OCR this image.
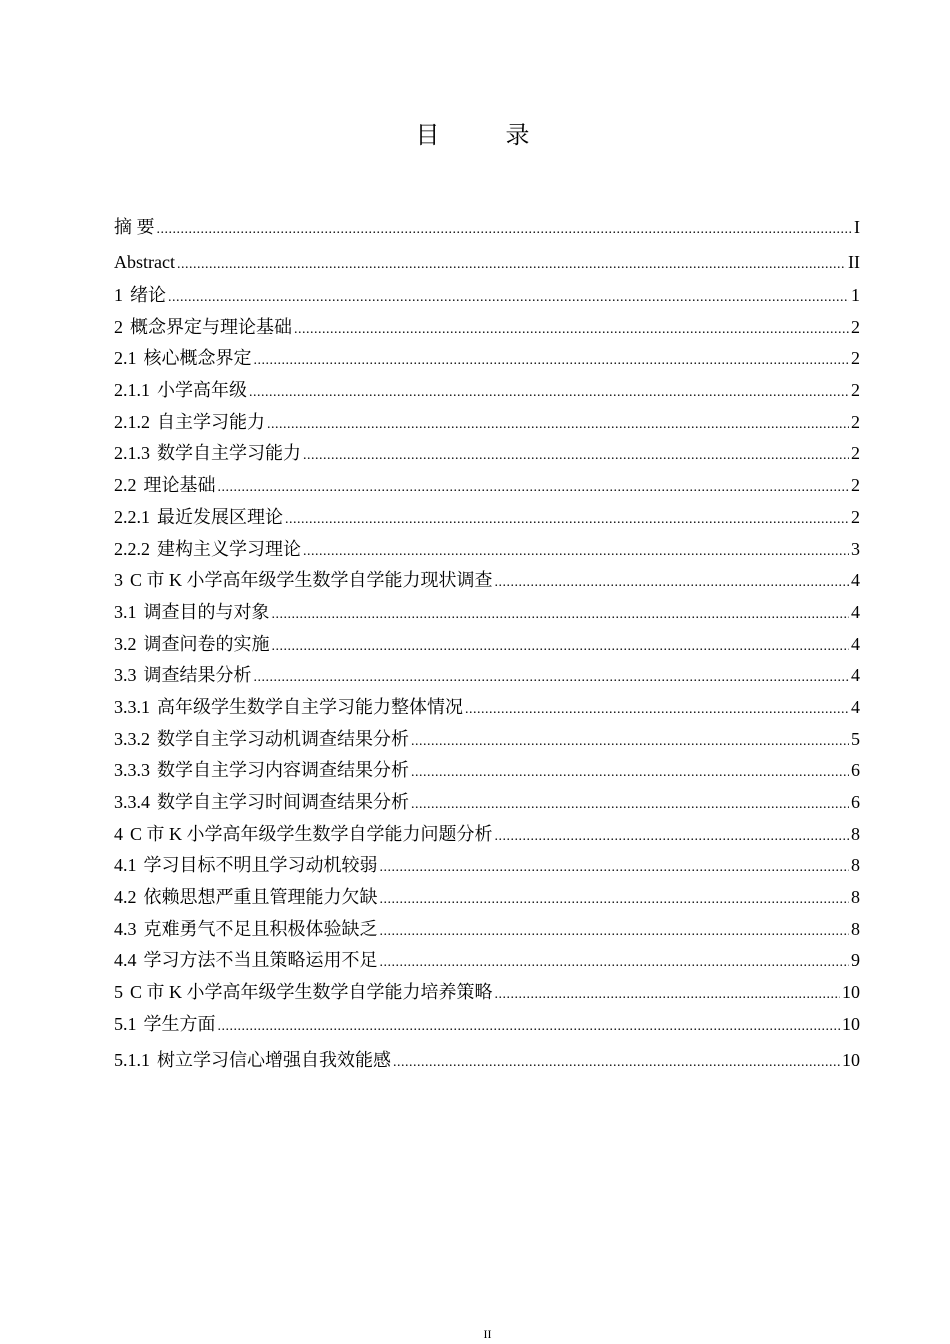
目 录
摘 要 .....	I
Abstract .....	II
1 绪论 .....	1
2 概念界定与理论基础 .....	2
2.1 核心概念界定 .....	2
2.1.1 小学高年级 .....	2
2.1.2 自主学习能力 .....	2
2.1.3 数学自主学习能力 .....	2
2.2 理论基础 .....	2
2.2.1 最近发展区理论 .....	2
2.2.2 建构主义学习理论 .....	3
3 C 市 K 小学高年级学生数学自学能力现状调查 .....	4
3.1 调查目的与对象 .....	4
3.2 调查问卷的实施 .....	4
3.3 调查结果分析 .....	4
3.3.1 高年级学生数学自主学习能力整体情况 .....	4
3.3.2 数学自主学习动机调查结果分析 .....	5
3.3.3 数学自主学习内容调查结果分析 .....	6
3.3.4 数学自主学习时间调查结果分析 .....	6
4 C 市 K 小学高年级学生数学自学能力问题分析 .....	8
4.1 学习目标不明且学习动机较弱 .....	8
4.2 依赖思想严重且管理能力欠缺 .....	8
4.3 克难勇气不足且积极体验缺乏 .....	8
4.4 学习方法不当且策略运用不足 .....	9
5 C 市 K 小学高年级学生数学自学能力培养策略 .....	10
5.1 学生方面 .....	10
5.1.1 树立学习信心增强自我效能感 .....	10
II
